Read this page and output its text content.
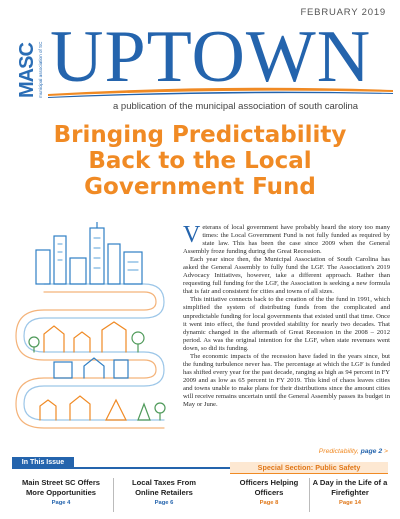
FEBRUARY 2019
MASC municipal association of SC UPTOWN
a publication of the municipal association of south carolina
Bringing Predictability
Back to the Local
Government Fund

Veterans of local government have probably heard the story too many times: the Local Government Fund is not fully funded as required by state law. This has been the case since 2009 when the General Assembly froze funding during the Great Recession.

Each year since then, the Municipal Association of South Carolina has asked the General Assembly to fully fund the LGF. The Association's 2019 Advocacy Initiatives, however, take a different approach. Rather than requesting full funding for the LGF, the Association is seeking a new formula that is fair and consistent for cities and towns of all sizes.

This initiative connects back to the creation of the the fund in 1991, which simplified the system of distributing funds from the complicated and unpredictable funding for local governments that existed until that time. Once it went into effect, the fund provided stability for nearly two decades. That dynamic changed in the aftermath of Great Recession in the 2008 – 2012 period. As was the original intention for the LGF, when state revenues went down, so did its funding.

The economic impacts of the recession have faded in the years since, but the funding turbulence never has. The percentage at which the LGF is funded has shifted every year for the past decade, ranging as high as 94 percent in FY 2009 and as low as 65 percent in FY 2019. This kind of chaos leaves cities and towns unable to make plans for their distributions since the amount cities will receive remains uncertain until the General Assembly passes its budget in May or June.

Predictability, page 2 >
In This Issue
Special Section: Public Safety
Main Street SC Offers
More Opportunities
Page 4
Local Taxes From
Online Retailers
Page 6
Officers Helping
Officers
Page 8
A Day in the Life of a
Firefighter
Page 14
